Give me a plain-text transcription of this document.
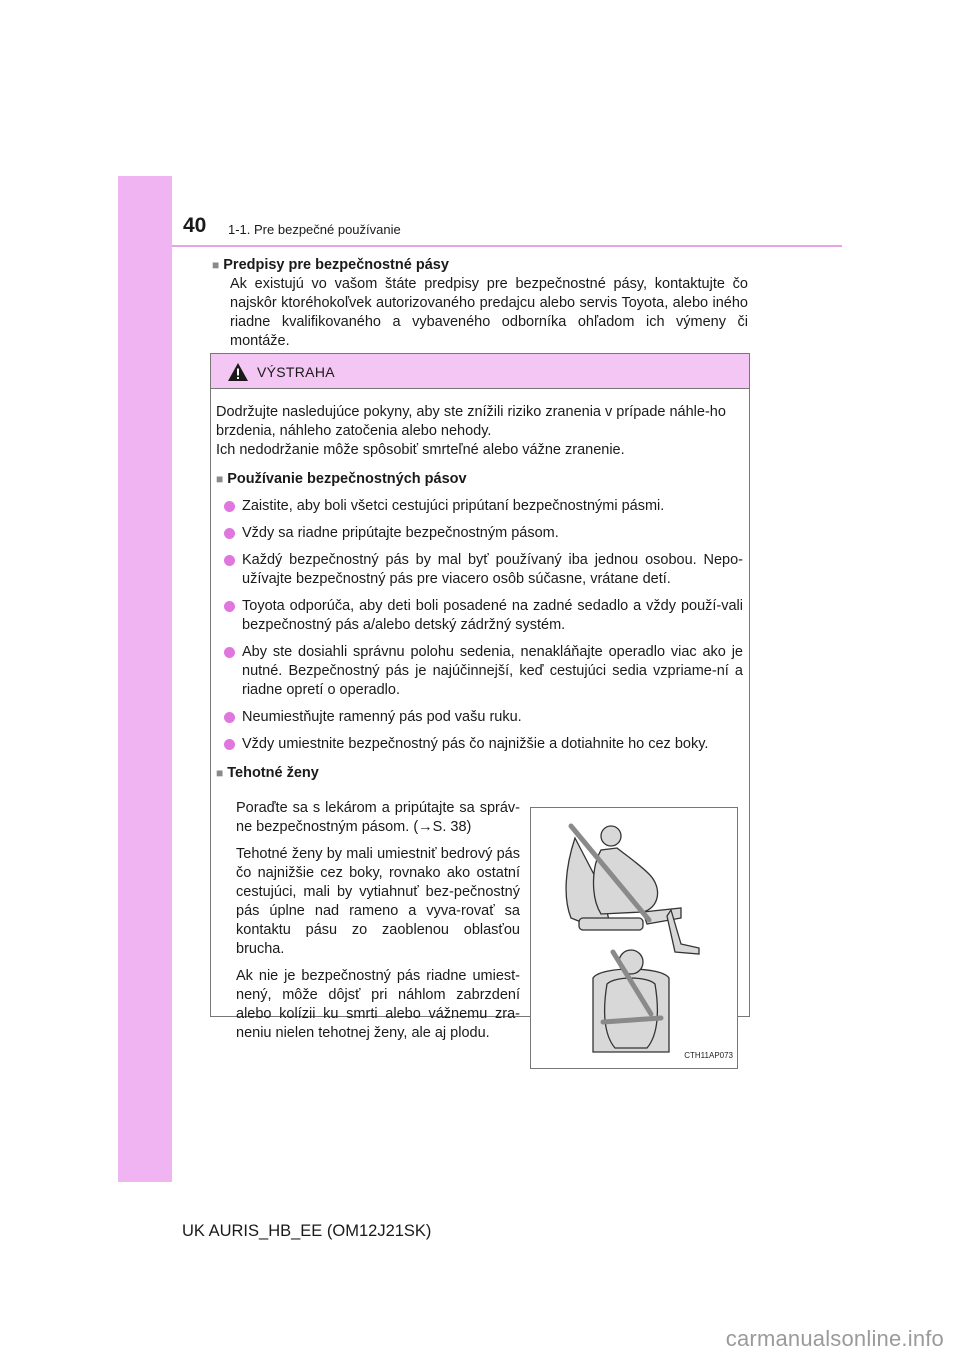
40 1-1. Pre bezpečné používanie
■ Predpisy pre bezpečnostné pásy
Ak existujú vo vašom štáte predpisy pre bezpečnostné pásy, kontaktujte čo najskôr ktoréhokoľvek autorizovaného predajcu alebo servis Toyota, alebo iného riadne kvalifikovaného a vybaveného odborníka ohľadom ich výmeny či montáže.
VÝSTRAHA

Dodržujte nasledujúce pokyny, aby ste znížili riziko zranenia v prípade náhle-ho brzdenia, náhleho zatočenia alebo nehody.

Ich nedodržanie môže spôsobiť smrteľné alebo vážne zranenie.

■ Používanie bezpečnostných pásov
Zaistite, aby boli všetci cestujúci pripútaní bezpečnostnými pásmi.
Vždy sa riadne pripútajte bezpečnostným pásom.
Každý bezpečnostný pás by mal byť používaný iba jednou osobou. Nepo-užívajte bezpečnostný pás pre viacero osôb súčasne, vrátane detí.
Toyota odporúča, aby deti boli posadené na zadné sedadlo a vždy použí-vali bezpečnostný pás a/alebo detský zádržný systém.
Aby ste dosiahli správnu polohu sedenia, nenakláňajte operadlo viac ako je nutné. Bezpečnostný pás je najúčinnejší, keď cestujúci sedia vzpriame-ní a riadne opretí o operadlo.
Neumiestňujte ramenný pás pod vašu ruku.
Vždy umiestnite bezpečnostný pás čo najnižšie a dotiahnite ho cez boky.
■ Tehotné ženy

Poraďte sa s lekárom a pripútajte sa správ-ne bezpečnostným pásom. (→S. 38)

Tehotné ženy by mali umiestniť bedrový pás čo najnižšie cez boky, rovnako ako ostatní cestujúci, mali by vytiahnuť bez-pečnostný pás úplne nad rameno a vyva-rovať sa kontaktu pásu zo zaoblenou oblasťou brucha.

Ak nie je bezpečnostný pás riadne umiest-nený, môže dôjsť pri náhlom zabrzdení alebo kolízii ku smrti alebo vážnemu zra-neniu nielen tehotnej ženy, ale aj plodu.

CTH11AP073
UK AURIS_HB_EE (OM12J21SK)
carmanualsonline.info
